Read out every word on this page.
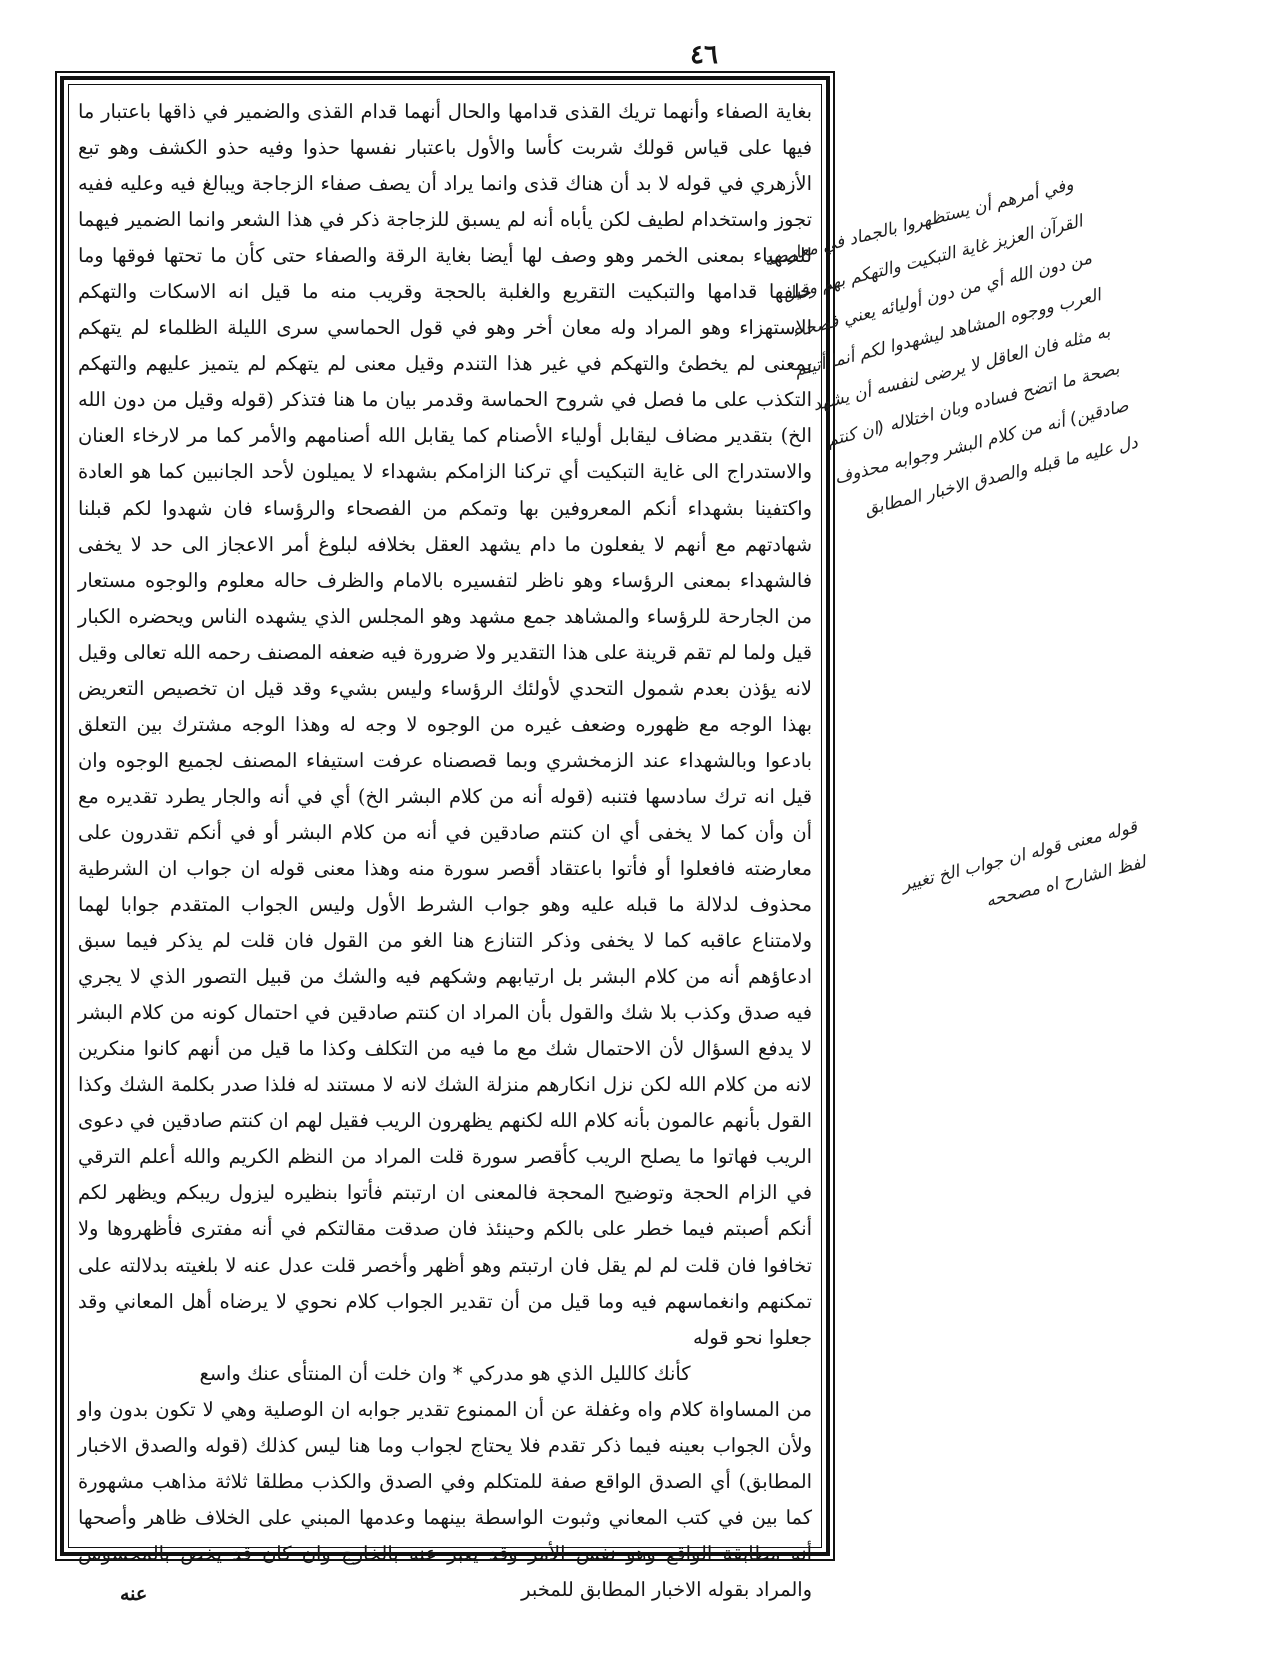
٤٦

بغاية الصفاء وأنهما تريك القذى قدامها والحال أنهما قدام القذى والضمير في ذاقها باعتبار ما فيها على قياس قولك شربت كأسا والأول باعتبار نفسها حذوا وفيه حذو الكشف وهو تبع الأزهري في قوله لا بد أن هناك قذى وانما يراد أن يصف صفاء الزجاجة ويبالغ فيه وعليه ففيه تجوز واستخدام لطيف لكن يأباه أنه لم يسبق للزجاجة ذكر في هذا الشعر وانما الضمير فيهما للصهباء بمعنى الخمر وهو وصف لها أيضا بغاية الرقة والصفاء حتى كأن ما تحتها فوقها وما خلفها قدامها والتبكيت التقريع والغلبة بالحجة وقريب منه ما قيل انه الاسكات والتهكم الاستهزاء وهو المراد وله معان أخر وهو في قول الحماسي سرى الليلة الظلماء لم يتهكم بمعنى لم يخطئ والتهكم في غير هذا التندم وقيل معنى لم يتهكم لم يتميز عليهم والتهكم التكذب على ما فصل في شروح الحماسة وقدمر بيان ما هنا فتذكر (قوله وقيل من دون الله الخ) بتقدير مضاف ليقابل أولياء الأصنام كما يقابل الله أصنامهم والأمر كما مر لارخاء العنان والاستدراج الى غاية التبكيت أي تركنا الزامكم بشهداء لا يميلون لأحد الجانبين كما هو العادة واكتفينا بشهداء أنكم المعروفين بها وتمكم من الفصحاء والرؤساء فان شهدوا لكم قبلنا شهادتهم مع أنهم لا يفعلون ما دام يشهد العقل بخلافه لبلوغ أمر الاعجاز الى حد لا يخفى فالشهداء بمعنى الرؤساء وهو ناظر لتفسيره بالامام والظرف حاله معلوم والوجوه مستعار من الجارحة للرؤساء والمشاهد جمع مشهد وهو المجلس الذي يشهده الناس ويحضره الكبار قيل ولما لم تقم قرينة على هذا التقدير ولا ضرورة فيه ضعفه المصنف رحمه الله تعالى وقيل لانه يؤذن بعدم شمول التحدي لأولئك الرؤساء وليس بشيء وقد قيل ان تخصيص التعريض بهذا الوجه مع ظهوره وضعف غيره من الوجوه لا وجه له وهذا الوجه مشترك بين التعلق بادعوا وبالشهداء عند الزمخشري وبما قصصناه عرفت استيفاء المصنف لجميع الوجوه وان قيل انه ترك سادسها فتنبه (قوله أنه من كلام البشر الخ) أي في أنه والجار يطرد تقديره مع أن وأن كما لا يخفى أي ان كنتم صادقين في أنه من كلام البشر أو في أنكم تقدرون على معارضته فافعلوا أو فأتوا باعتقاد أقصر سورة منه وهذا معنى قوله ان جواب ان الشرطية محذوف لدلالة ما قبله عليه وهو جواب الشرط الأول وليس الجواب المتقدم جوابا لهما ولامتناع عاقبه كما لا يخفى وذكر التنازع هنا الغو من القول فان قلت لم يذكر فيما سبق ادعاؤهم أنه من كلام البشر بل ارتيابهم وشكهم فيه والشك من قبيل التصور الذي لا يجري فيه صدق وكذب بلا شك والقول بأن المراد ان كنتم صادقين في احتمال كونه من كلام البشر لا يدفع السؤال لأن الاحتمال شك مع ما فيه من التكلف وكذا ما قيل من أنهم كانوا منكرين لانه من كلام الله لكن نزل انكارهم منزلة الشك لانه لا مستند له فلذا صدر بكلمة الشك وكذا القول بأنهم عالمون بأنه كلام الله لكنهم يظهرون الريب فقيل لهم ان كنتم صادقين في دعوى الريب فهاتوا ما يصلح الريب كأقصر سورة قلت المراد من النظم الكريم والله أعلم الترقي في الزام الحجة وتوضيح المحجة فالمعنى ان ارتبتم فأتوا بنظيره ليزول ريبكم ويظهر لكم أنكم أصبتم فيما خطر على بالكم وحينئذ فان صدقت مقالتكم في أنه مفترى فأظهروها ولا تخافوا فان قلت لم لم يقل فان ارتبتم وهو أظهر وأخصر قلت عدل عنه لا بلغيته بدلالته على تمكنهم وانغماسهم فيه وما قيل من أن تقدير الجواب كلام نحوي لا يرضاه أهل المعاني وقد جعلوا نحو قوله

كأنك كالليل الذي هو مدركي * وان خلت أن المنتأى عنك واسع

من المساواة كلام واه وغفلة عن أن الممنوع تقدير جوابه ان الوصلية وهي لا تكون بدون واو ولأن الجواب بعينه فيما ذكر تقدم فلا يحتاج لجواب وما هنا ليس كذلك (قوله والصدق الاخبار المطابق) أي الصدق الواقع صفة للمتكلم وفي الصدق والكذب مطلقا ثلاثة مذاهب مشهورة كما بين في كتب المعاني وثبوت الواسطة بينهما وعدمها المبني على الخلاف ظاهر وأصحها أنه مطابقة الواقع وهو نفس الأمر وقد يعبر عنه بالخارج وان كان قد يخص بالمحسوس والمراد بقوله الاخبار المطابق للمخبر

وفي أمرهم أن يستظهروا بالجماد في معارضة القرآن العزيز غاية التبكيت والتهكم بهم وقيل من دون الله أي من دون أوليائه يعني فصحاء العرب ووجوه المشاهد ليشهدوا لكم أنما أتيتم به مثله فان العاقل لا يرضى لنفسه أن يشهد بصحة ما اتضح فساده وبان اختلاله (ان كنتم صادقين) أنه من كلام البشر وجوابه محذوف دل عليه ما قبله والصدق الاخبار المطابق
قوله معنى قوله ان جواب الخ تغيير لفظ الشارح اه مصححه
عنه
